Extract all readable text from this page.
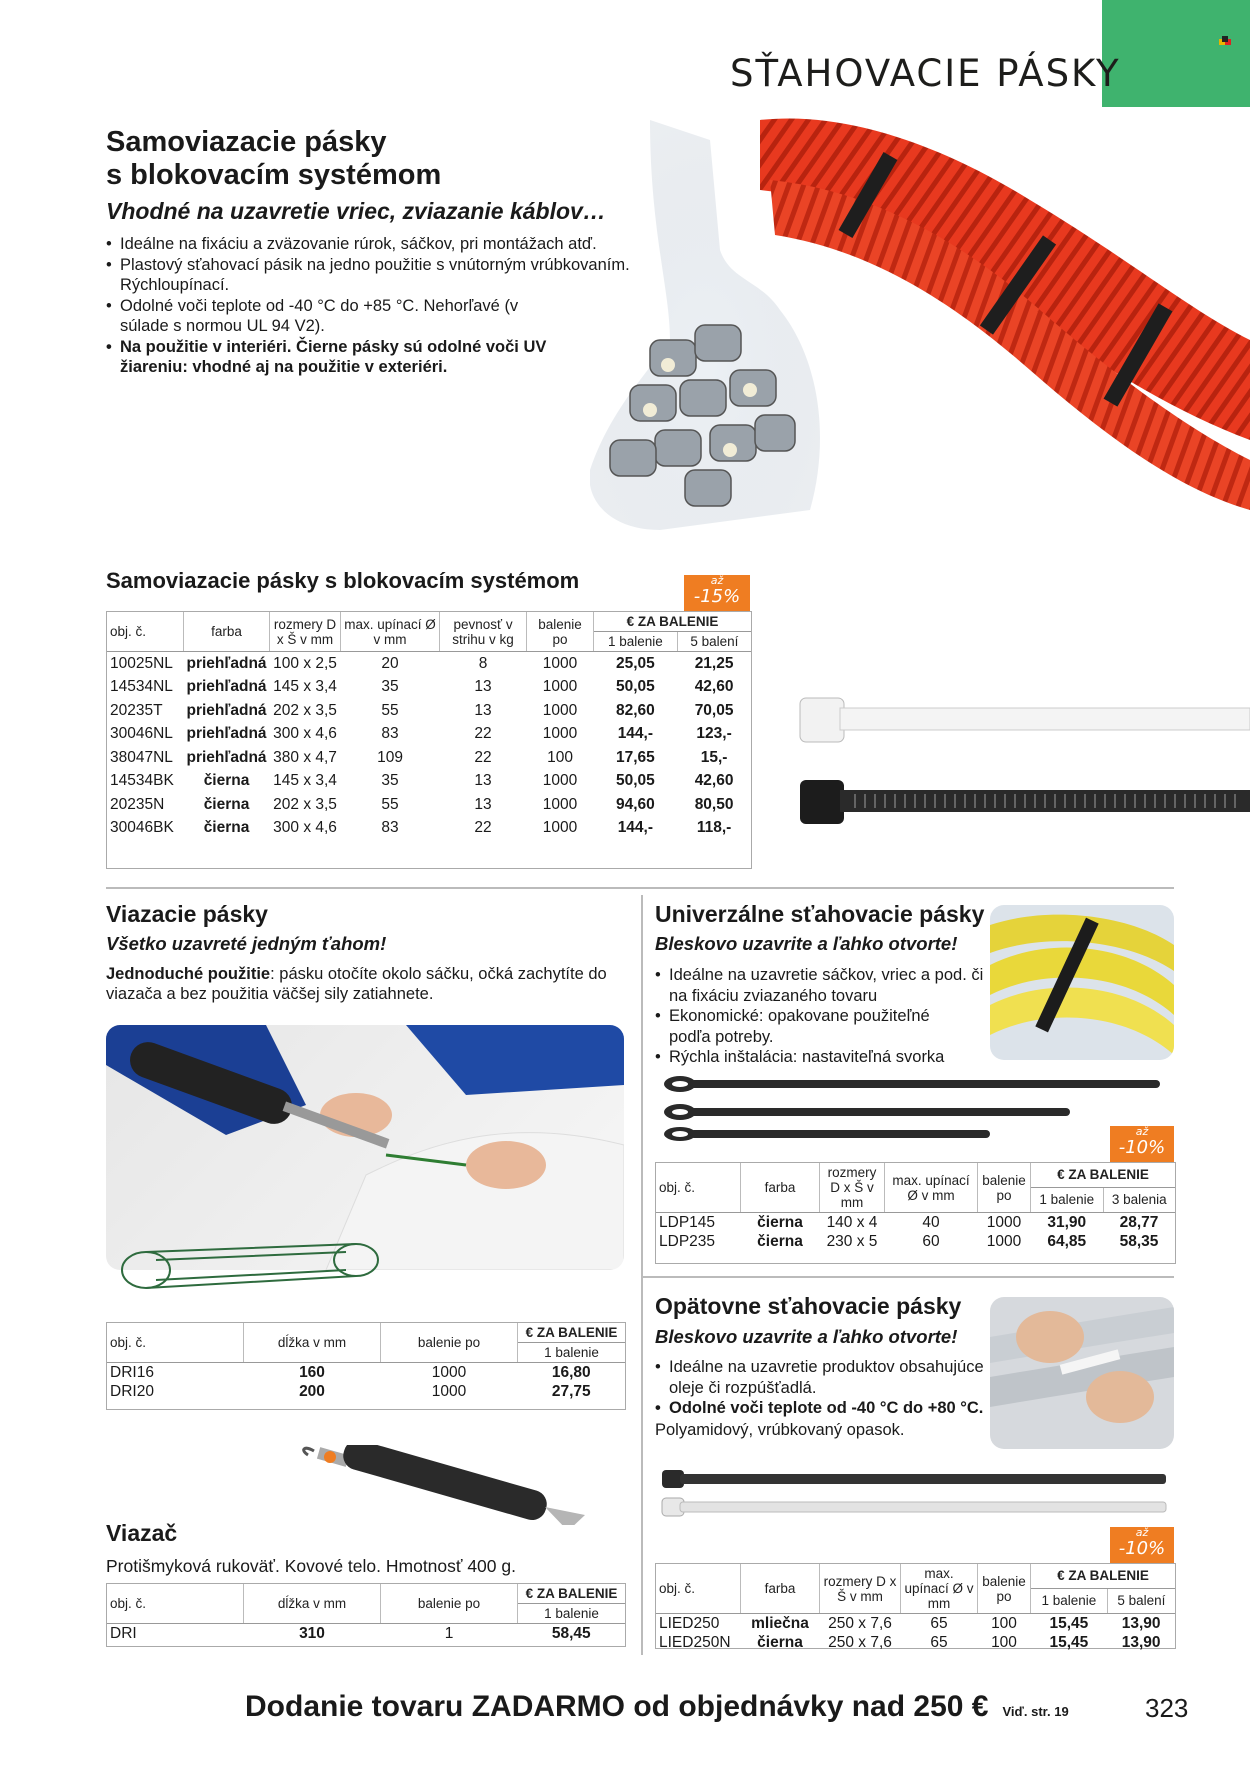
SŤAHOVACIE PÁSKY
Samoviazacie pásky
s blokovacím systémom
Vhodné na uzavretie vriec, zviazanie káblov…
• Ideálne na fixáciu a zväzovanie rúrok, sáčkov, pri montážach atď.
• Plastový sťahovací pásik na jedno použitie s vnútorným vrúbkovaním. Rýchloupínací.
• Odolné voči teplote od -40 °C do +85 °C. Nehorľavé (v súlade s normou UL 94 V2).
• Na použitie v interiéri. Čierne pásky sú odolné voči UV žiareniu: vhodné aj na použitie v exteriéri.
Samoviazacie pásky s blokovacím systémom	až
-15%
obj. č.	farba	rozmery D x Š v mm	max. upínací Ø v mm	pevnosť v strihu v kg	balenie po	€ ZA BALENIE	
						1 balenie	5 balení
10025NL	priehľadná	100 x 2,5	20	8	1000	25,05	21,25
14534NL	priehľadná	145 x 3,4	35	13	1000	50,05	42,60
20235T	priehľadná	202 x 3,5	55	13	1000	82,60	70,05
30046NL	priehľadná	300 x 4,6	83	22	1000	144,-	123,-
38047NL	priehľadná	380 x 4,7	109	22	100	17,65	15,-
14534BK	čierna	145 x 3,4	35	13	1000	50,05	42,60
20235N	čierna	202 x 3,5	55	13	1000	94,60	80,50
30046BK	čierna	300 x 4,6	83	22	1000	144,-	118,-
Viazacie pásky
Všetko uzavreté jedným ťahom!
Jednoduché použitie: pásku otočíte okolo sáčku, očká zachytíte do viazača a bez použitia väčšej sily zatiahnete.
obj. č.	dĺžka v mm	balenie po	€ ZA BALENIE
			1 balenie
DRI16	160	1000	16,80
DRI20	200	1000	27,75
Viazač
Protišmyková rukoväť. Kovové telo. Hmotnosť 400 g.
obj. č.	dĺžka v mm	balenie po	€ ZA BALENIE
			1 balenie
DRI	310	1	58,45
Univerzálne sťahovacie pásky
Bleskovo uzavrite a ľahko otvorte!
• Ideálne na uzavretie sáčkov, vriec a pod. či na fixáciu zviazaného tovaru
• Ekonomické: opakovane použiteľné podľa potreby.
• Rýchla inštalácia: nastaviteľná svorka
až
-10%
obj. č.	farba	rozmery D x Š v mm	max. upínací Ø v mm	balenie po	€ ZA BALENIE	
					1 balenie	3 balenia
LDP145	čierna	140 x 4	40	1000	31,90	28,77
LDP235	čierna	230 x 5	60	1000	64,85	58,35
Opätovne sťahovacie pásky
Bleskovo uzavrite a ľahko otvorte!
• Ideálne na uzavretie produktov obsahujúce oleje či rozpúšťadlá.
• Odolné voči teplote od -40 °C do +80 °C.
Polyamidový, vrúbkovaný opasok.
až
-10%
obj. č.	farba	rozmery D x Š v mm	max. upínací Ø v mm	balenie po	€ ZA BALENIE	
					1 balenie	5 balení
LIED250	mliečna	250 x 7,6	65	100	15,45	13,90
LIED250N	čierna	250 x 7,6	65	100	15,45	13,90
Dodanie tovaru ZADARMO od objednávky nad 250 € Viď. str. 19	323
